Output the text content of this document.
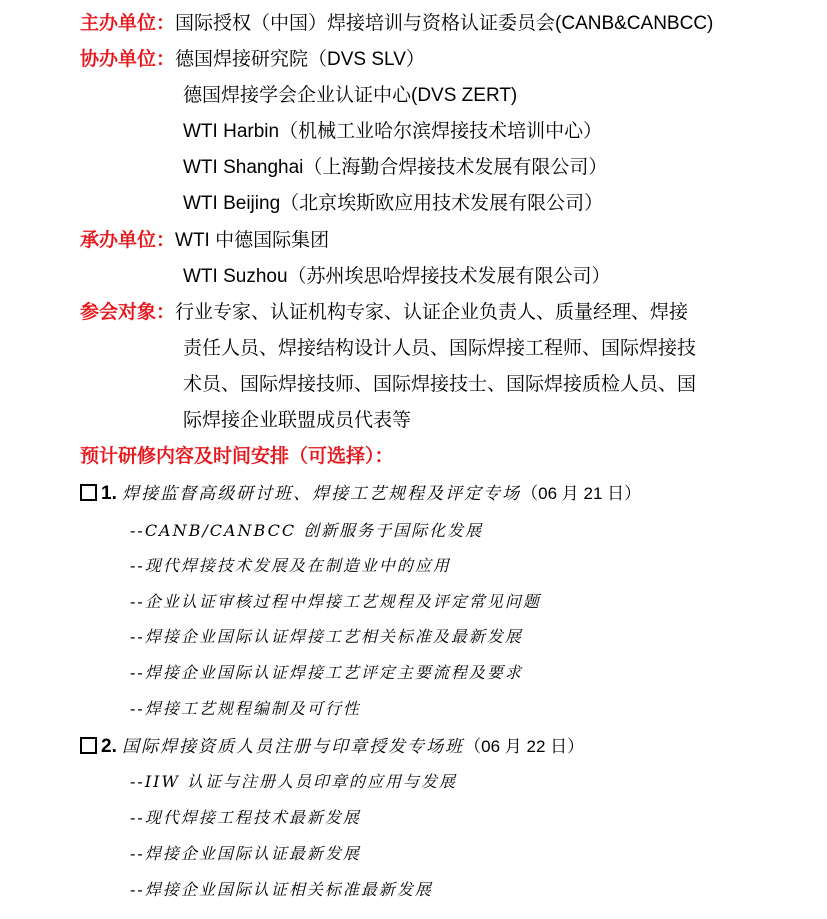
主办单位：国际授权（中国）焊接培训与资格认证委员会(CANB&CANBCC)
协办单位：德国焊接研究院（DVS SLV）
德国焊接学会企业认证中心(DVS ZERT)
WTI Harbin（机械工业哈尔滨焊接技术培训中心）
WTI Shanghai（上海勤合焊接技术发展有限公司）
WTI Beijing（北京埃斯欧应用技术发展有限公司）
承办单位：WTI 中德国际集团
WTI Suzhou（苏州埃思哈焊接技术发展有限公司）
参会对象：行业专家、认证机构专家、认证企业负责人、质量经理、焊接
责任人员、焊接结构设计人员、国际焊接工程师、国际焊接技
术员、国际焊接技师、国际焊接技士、国际焊接质检人员、国
际焊接企业联盟成员代表等
预计研修内容及时间安排（可选择）：
1. 焊接监督高级研讨班、焊接工艺规程及评定专场（06 月 21 日）
--CANB/CANBCC 创新服务于国际化发展
--现代焊接技术发展及在制造业中的应用
--企业认证审核过程中焊接工艺规程及评定常见问题
--焊接企业国际认证焊接工艺相关标准及最新发展
--焊接企业国际认证焊接工艺评定主要流程及要求
--焊接工艺规程编制及可行性
2. 国际焊接资质人员注册与印章授发专场班（06 月 22 日）
--IIW 认证与注册人员印章的应用与发展
--现代焊接工程技术最新发展
--焊接企业国际认证最新发展
--焊接企业国际认证相关标准最新发展
